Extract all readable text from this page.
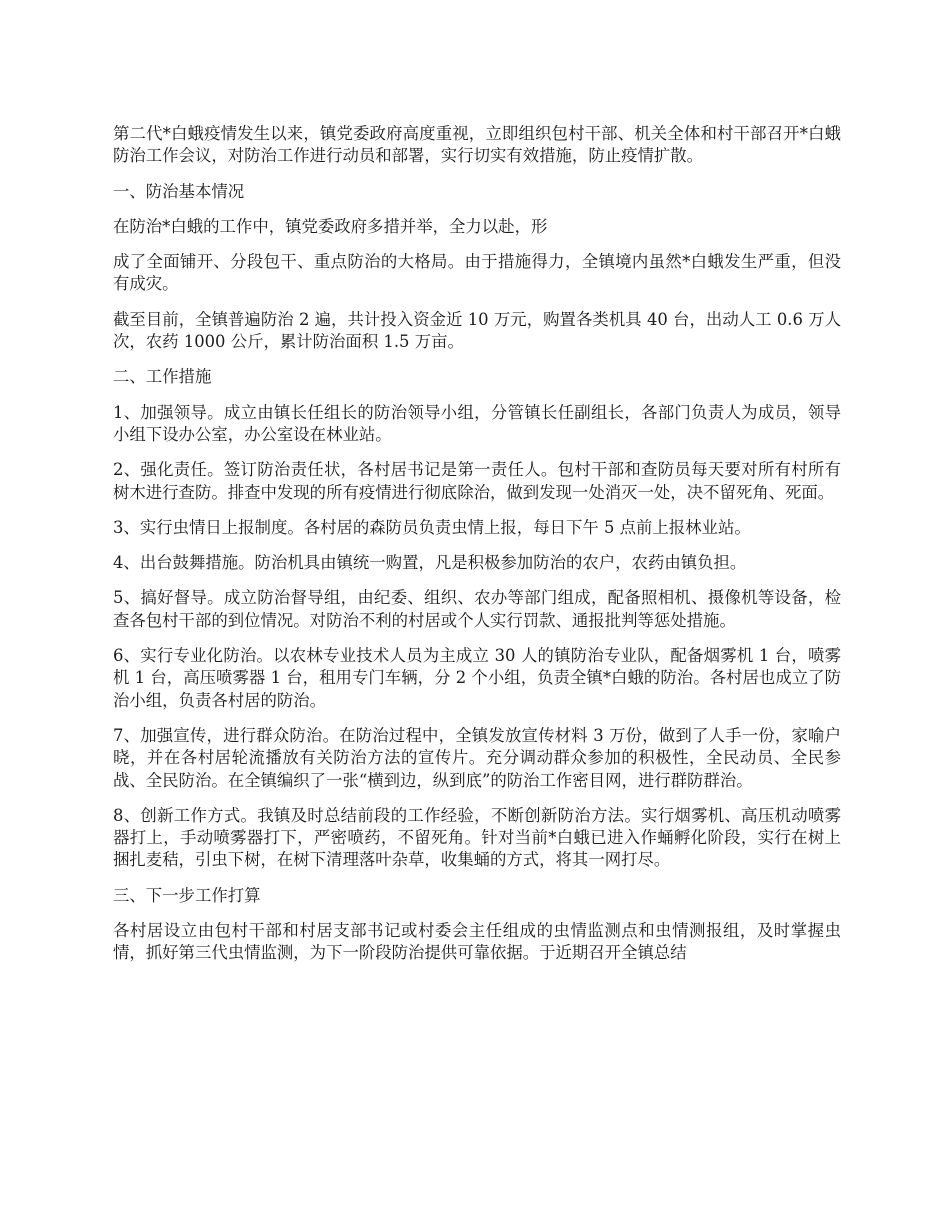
第二代*白蛾疫情发生以来，镇党委政府高度重视，立即组织包村干部、机关全体和村干部召开*白蛾防治工作会议，对防治工作进行动员和部署，实行切实有效措施，防止疫情扩散。

一、防治基本情况

在防治*白蛾的工作中，镇党委政府多措并举，全力以赴，形

成了全面铺开、分段包干、重点防治的大格局。由于措施得力，全镇境内虽然*白蛾发生严重，但没有成灾。

截至目前，全镇普遍防治 2 遍，共计投入资金近 10 万元，购置各类机具 40 台，出动人工 0.6 万人次，农药 1000 公斤，累计防治面积 1.5 万亩。

二、工作措施

1、加强领导。成立由镇长任组长的防治领导小组，分管镇长任副组长，各部门负责人为成员，领导小组下设办公室，办公室设在林业站。

2、强化责任。签订防治责任状，各村居书记是第一责任人。包村干部和查防员每天要对所有村所有树木进行查防。排查中发现的所有疫情进行彻底除治，做到发现一处消灭一处，决不留死角、死面。

3、实行虫情日上报制度。各村居的森防员负责虫情上报，每日下午 5 点前上报林业站。

4、出台鼓舞措施。防治机具由镇统一购置，凡是积极参加防治的农户，农药由镇负担。

5、搞好督导。成立防治督导组，由纪委、组织、农办等部门组成，配备照相机、摄像机等设备，检查各包村干部的到位情况。对防治不利的村居或个人实行罚款、通报批判等惩处措施。

6、实行专业化防治。以农林专业技术人员为主成立 30 人的镇防治专业队，配备烟雾机 1 台，喷雾机 1 台，高压喷雾器 1 台，租用专门车辆，分 2 个小组，负责全镇*白蛾的防治。各村居也成立了防治小组，负责各村居的防治。

7、加强宣传，进行群众防治。在防治过程中，全镇发放宣传材料 3 万份，做到了人手一份，家喻户晓，并在各村居轮流播放有关防治方法的宣传片。充分调动群众参加的积极性，全民动员、全民参战、全民防治。在全镇编织了一张“横到边，纵到底”的防治工作密目网，进行群防群治。

8、创新工作方式。我镇及时总结前段的工作经验，不断创新防治方法。实行烟雾机、高压机动喷雾器打上，手动喷雾器打下，严密喷药，不留死角。针对当前*白蛾已进入作蛹孵化阶段，实行在树上捆扎麦秸，引虫下树，在树下清理落叶杂草，收集蛹的方式，将其一网打尽。

三、下一步工作打算

各村居设立由包村干部和村居支部书记或村委会主任组成的虫情监测点和虫情测报组，及时掌握虫情，抓好第三代虫情监测，为下一阶段防治提供可靠依据。于近期召开全镇总结
